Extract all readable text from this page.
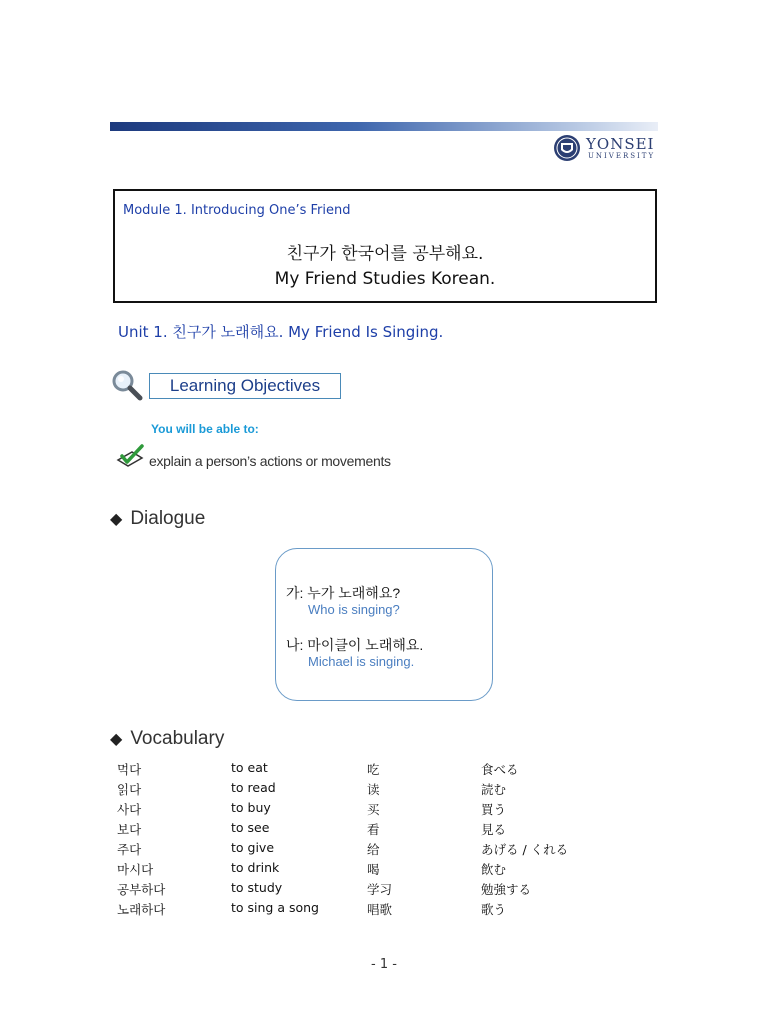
YONSEI
UNIVERSITY
Module 1. Introducing One’s Friend
친구가 한국어를 공부해요.
My Friend Studies Korean.
Unit 1. 친구가 노래해요. My Friend Is Singing.
Learning Objectives
You will be able to:
explain a person’s actions or movements
◆ Dialogue
가: 누가 노래해요?
Who is singing?
나: 마이클이 노래해요.
Michael is singing.
◆ Vocabulary
먹다	to eat	吃	食べる
읽다	to read	读	読む
사다	to buy	买	買う
보다	to see	看	見る
주다	to give	给	あげる / くれる
마시다	to drink	喝	飲む
공부하다	to study	学习	勉強する
노래하다	to sing a song	唱歌	歌う
- 1 -
